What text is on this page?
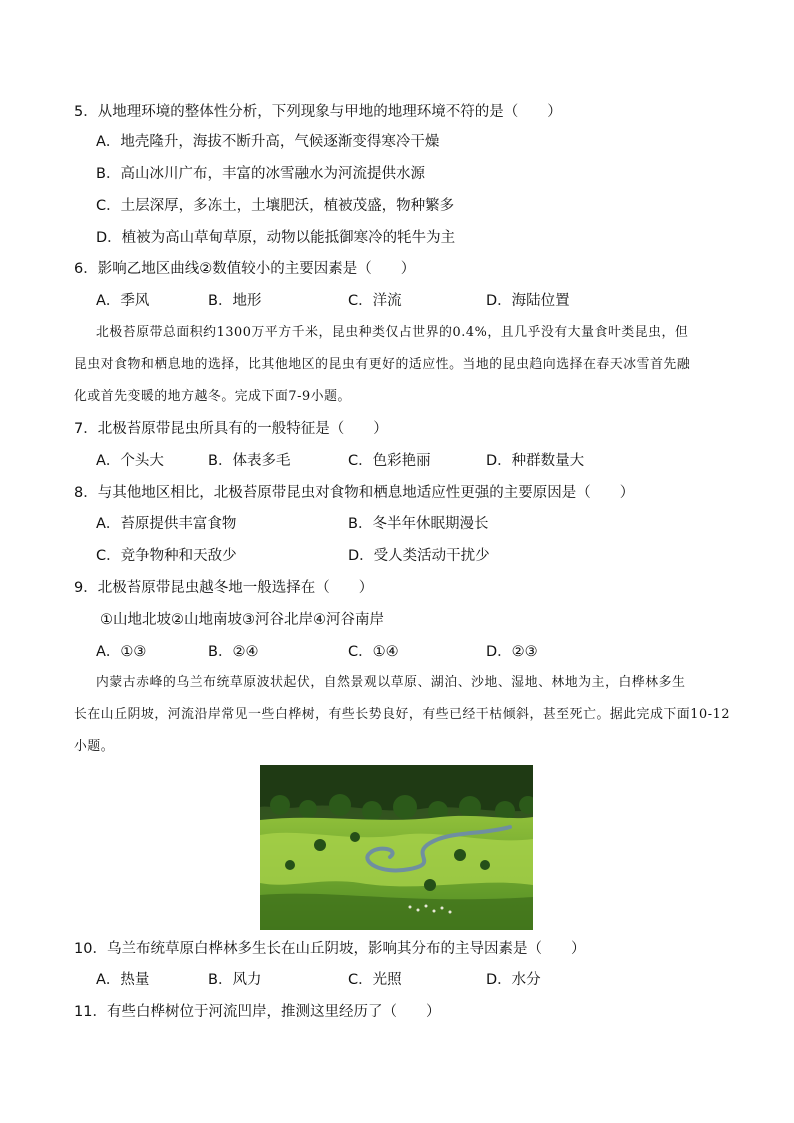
5．从地理环境的整体性分析，下列现象与甲地的地理环境不符的是（　　）
A．地壳隆升，海拔不断升高，气候逐渐变得寒冷干燥
B．高山冰川广布，丰富的冰雪融水为河流提供水源
C．土层深厚，多冻土，土壤肥沃，植被茂盛，物种繁多
D．植被为高山草甸草原，动物以能抵御寒冷的牦牛为主
6．影响乙地区曲线②数值较小的主要因素是（　　）
A．季风	B．地形	C．洋流	D．海陆位置
北极苔原带总面积约1300万平方千米，昆虫种类仅占世界的0.4%，且几乎没有大量食叶类昆虫，但
昆虫对食物和栖息地的选择，比其他地区的昆虫有更好的适应性。当地的昆虫趋向选择在春天冰雪首先融
化或首先变暖的地方越冬。完成下面7-9小题。
7．北极苔原带昆虫所具有的一般特征是（　　）
A．个头大	B．体表多毛	C．色彩艳丽	D．种群数量大
8．与其他地区相比，北极苔原带昆虫对食物和栖息地适应性更强的主要原因是（　　）
A．苔原提供丰富食物	B．冬半年休眠期漫长
C．竞争物种和天敌少	D．受人类活动干扰少
9．北极苔原带昆虫越冬地一般选择在（　　）
①山地北坡②山地南坡③河谷北岸④河谷南岸
A．①③	B．②④	C．①④	D．②③
内蒙古赤峰的乌兰布统草原波状起伏，自然景观以草原、湖泊、沙地、湿地、林地为主，白桦林多生
长在山丘阴坡，河流沿岸常见一些白桦树，有些长势良好，有些已经干枯倾斜，甚至死亡。据此完成下面10-12
小题。
10．乌兰布统草原白桦林多生长在山丘阴坡，影响其分布的主导因素是（　　）
A．热量	B．风力	C．光照	D．水分
11．有些白桦树位于河流凹岸，推测这里经历了（　　）
